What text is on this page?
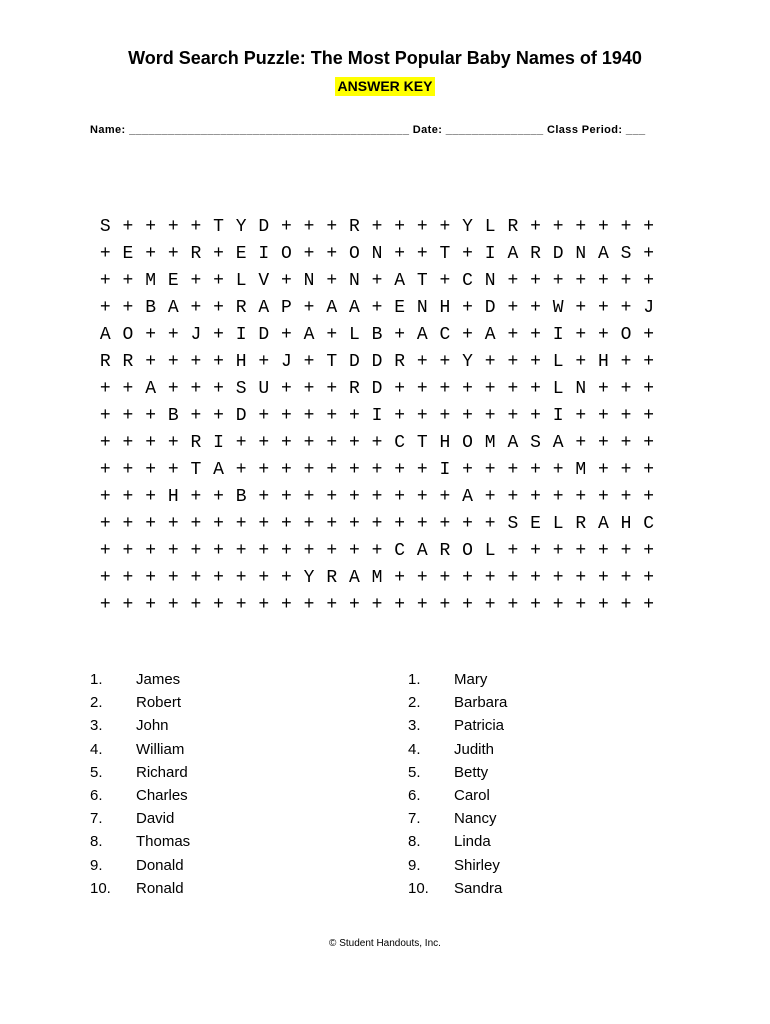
Word Search Puzzle: The Most Popular Baby Names of 1940
ANSWER KEY
Name: ___________________________________________ Date: _______________ Class Period: ___
S + + + + T Y D + + + R + + + + Y L R + + + + + +
+ E + + R + E I O + + O N + + T + I A R D N A S +
+ + M E + + L V + N + N + A T + C N + + + + + + +
+ + B A + + R A P + A A + E N H + D + + W + + + J
A O + + J + I D + A + L B + A C + A + + I + + O +
R R + + + + H + J + T D D R + + Y + + + L + H + +
+ + A + + + S U + + + R D + + + + + + + L N + + +
+ + + B + + D + + + + + I + + + + + + + I + + + +
+ + + + R I + + + + + + + C T H O M A S A + + + +
+ + + + T A + + + + + + + + + I + + + + + M + + +
+ + + H + + B + + + + + + + + + A + + + + + + + +
+ + + + + + + + + + + + + + + + + + S E L R A H C
+ + + + + + + + + + + + + C A R O L + + + + + + +
+ + + + + + + + + Y R A M + + + + + + + + + + + +
+ + + + + + + + + + + + + + + + + + + + + + + + +
1. James
2. Robert
3. John
4. William
5. Richard
6. Charles
7. David
8. Thomas
9. Donald
10. Ronald
1. Mary
2. Barbara
3. Patricia
4. Judith
5. Betty
6. Carol
7. Nancy
8. Linda
9. Shirley
10. Sandra
© Student Handouts, Inc.
